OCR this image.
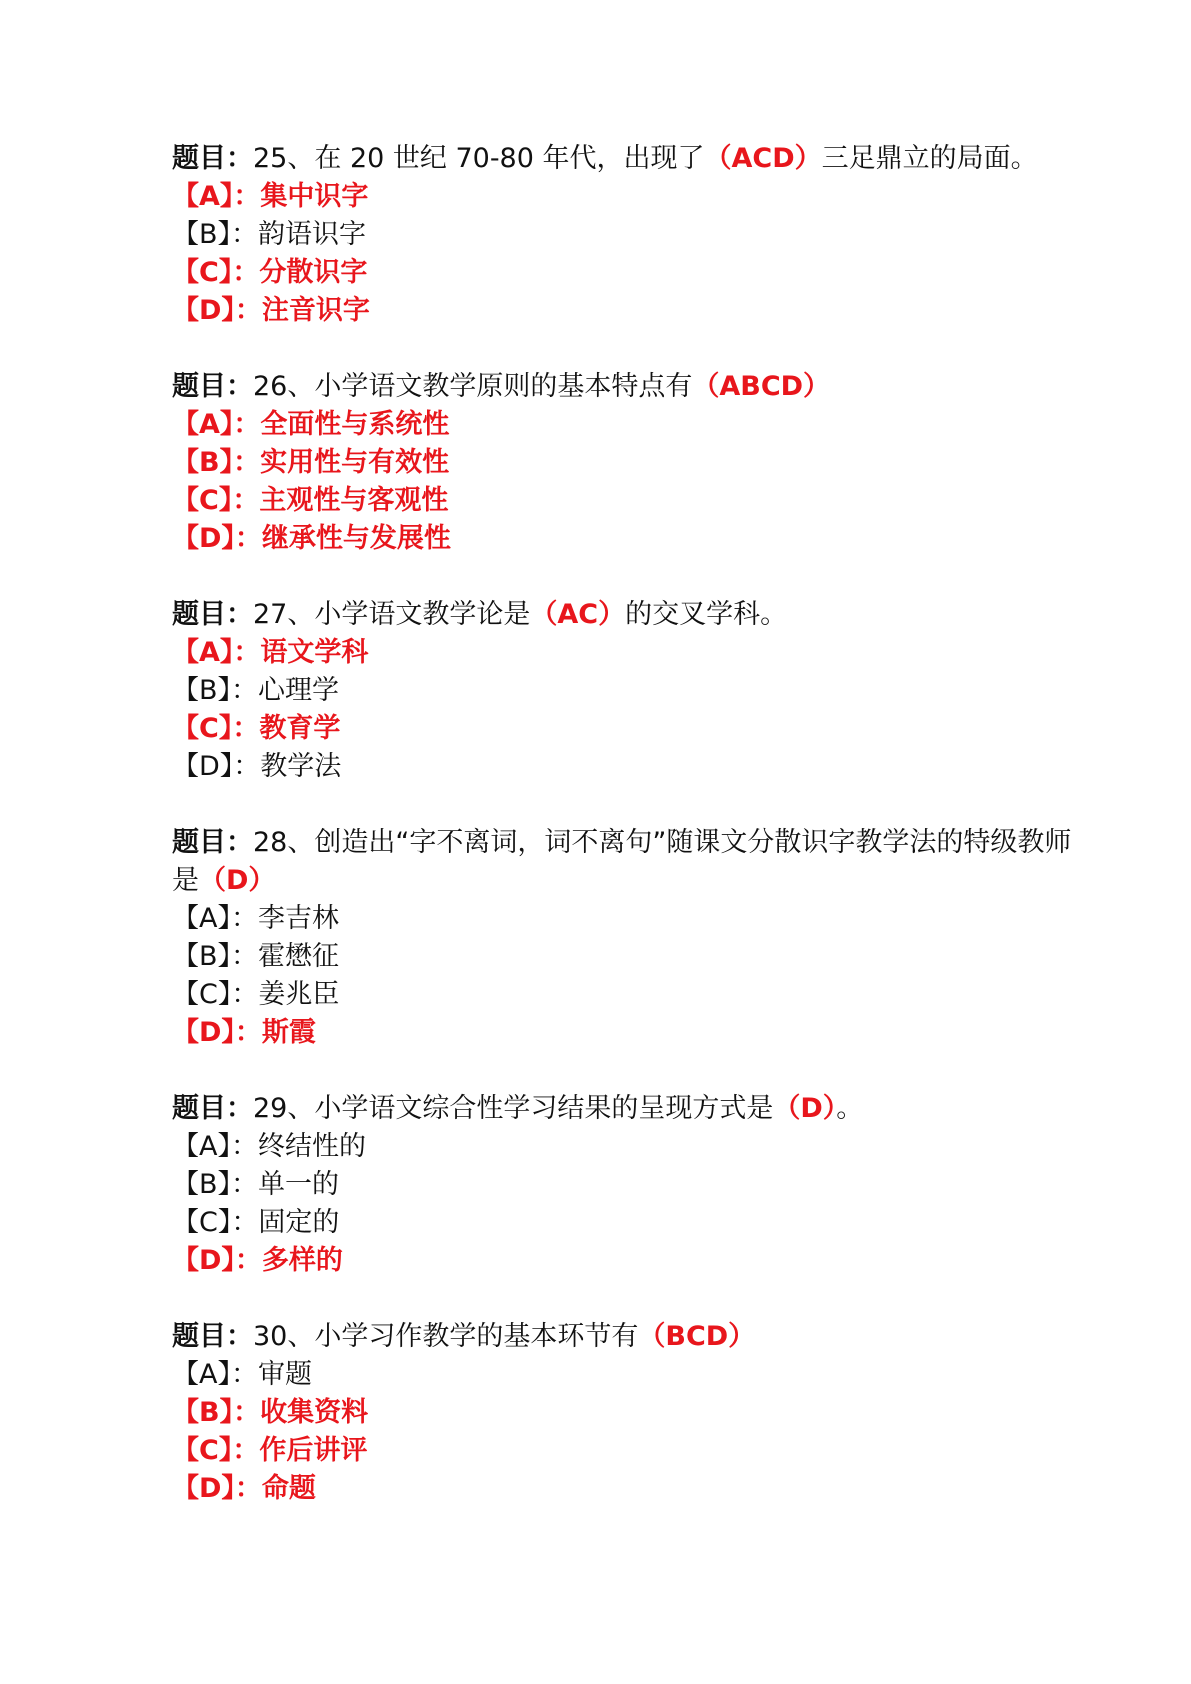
题目：25、在 20 世纪 70-80 年代，出现了（ACD）三足鼎立的局面。

【A】：集中识字

【B】：韵语识字

【C】：分散识字

【D】：注音识字

题目：26、小学语文教学原则的基本特点有（ABCD）

【A】：全面性与系统性

【B】：实用性与有效性

【C】：主观性与客观性

【D】：继承性与发展性

题目：27、小学语文教学论是（AC）的交叉学科。

【A】：语文学科

【B】：心理学

【C】：教育学

【D】：教学法

题目：28、创造出“字不离词，词不离句”随课文分散识字教学法的特级教师是（D）

【A】：李吉林

【B】：霍懋征

【C】：姜兆臣

【D】：斯霞

题目：29、小学语文综合性学习结果的呈现方式是（D）。

【A】：终结性的

【B】：单一的

【C】：固定的

【D】：多样的

题目：30、小学习作教学的基本环节有（BCD）

【A】：审题

【B】：收集资料

【C】：作后讲评

【D】：命题
